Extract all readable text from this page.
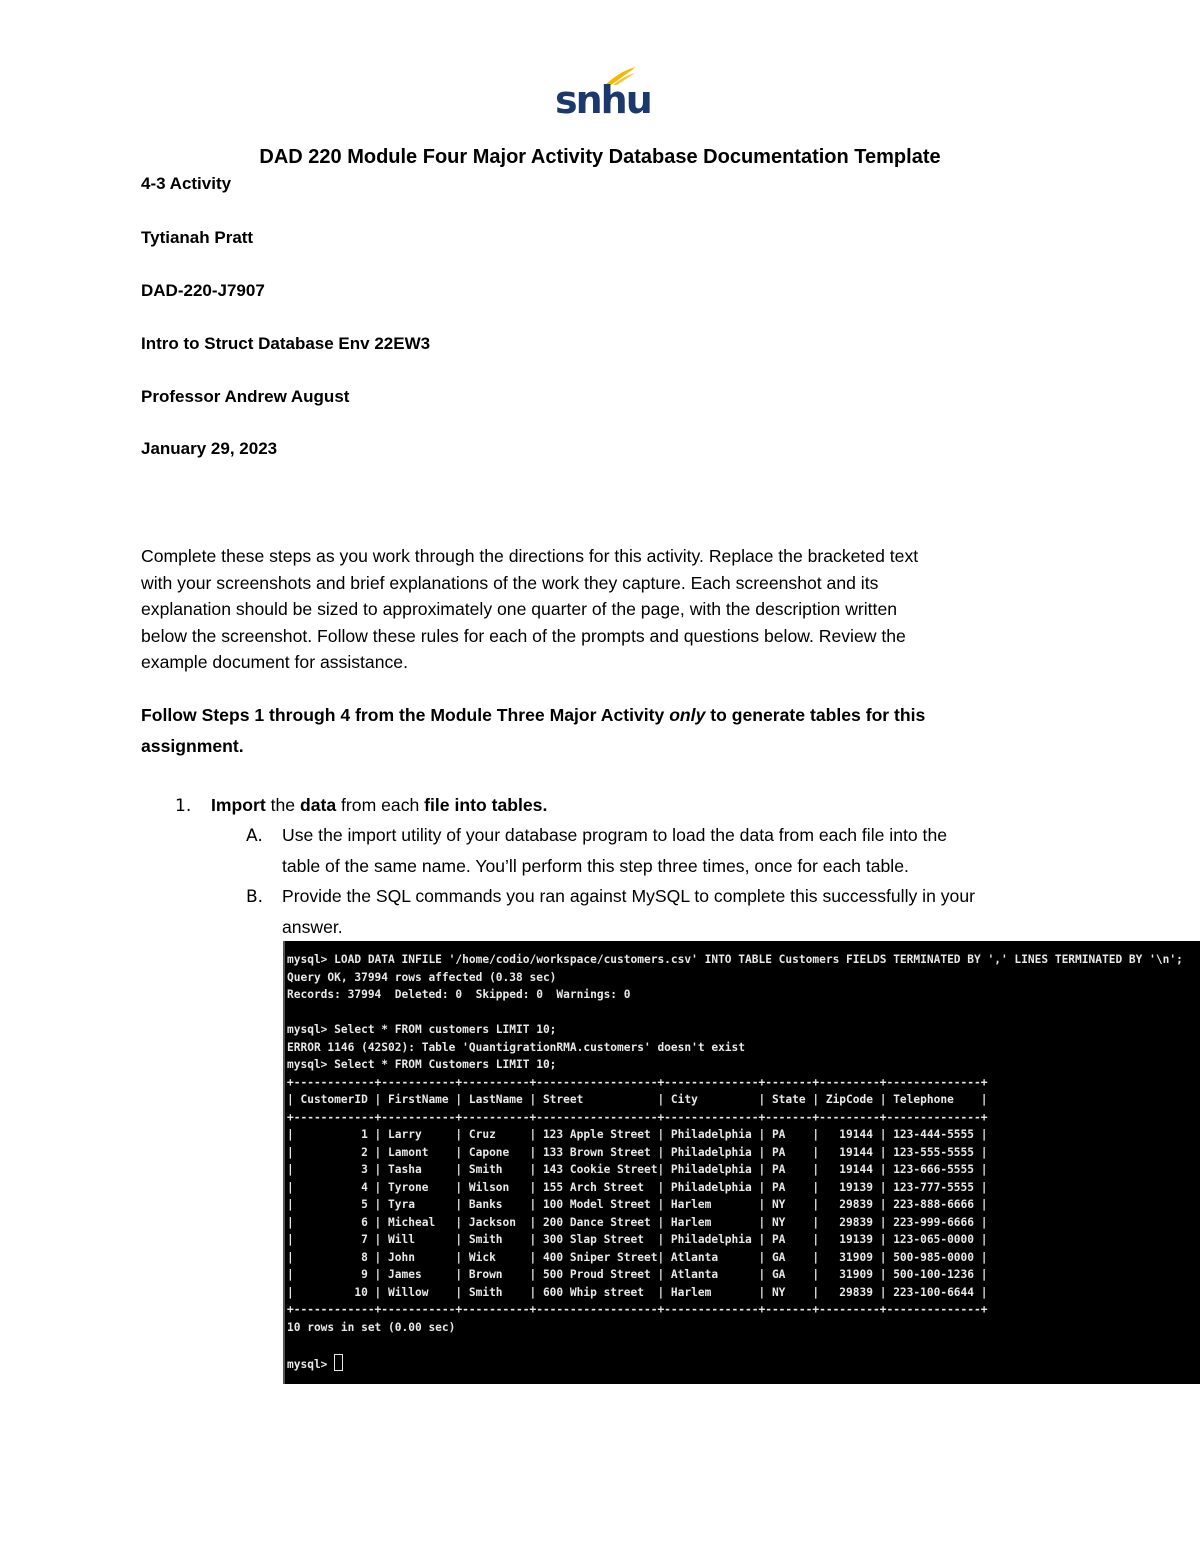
snhu
DAD 220 Module Four Major Activity Database Documentation Template
4-3 Activity
Tytianah Pratt
DAD-220-J7907
Intro to Struct Database Env 22EW3
Professor Andrew August
January 29, 2023

Complete these steps as you work through the directions for this activity. Replace the bracketed text

with your screenshots and brief explanations of the work they capture. Each screenshot and its

explanation should be sized to approximately one quarter of the page, with the description written

below the screenshot. Follow these rules for each of the prompts and questions below. Review the

example document for assistance.

Follow Steps 1 through 4 from the Module Three Major Activity only to generate tables for this
assignment.
1. Import the data from each file into tables.
A. Use the import utility of your database program to load the data from each file into the
table of the same name. You’ll perform this step three times, once for each table.
B. Provide the SQL commands you ran against MySQL to complete this successfully in your
answer.
mysql> LOAD DATA INFILE '/home/codio/workspace/customers.csv' INTO TABLE Customers FIELDS TERMINATED BY ',' LINES TERMINATED BY '\n';
Query OK, 37994 rows affected (0.38 sec)
Records: 37994  Deleted: 0  Skipped: 0  Warnings: 0

mysql> Select * FROM customers LIMIT 10;
ERROR 1146 (42S02): Table 'QuantigrationRMA.customers' doesn't exist
mysql> Select * FROM Customers LIMIT 10;
+------------+-----------+----------+------------------+--------------+-------+---------+--------------+
| CustomerID | FirstName | LastName | Street           | City         | State | ZipCode | Telephone    |
+------------+-----------+----------+------------------+--------------+-------+---------+--------------+
|          1 | Larry     | Cruz     | 123 Apple Street | Philadelphia | PA    |   19144 | 123-444-5555 |
|          2 | Lamont    | Capone   | 133 Brown Street | Philadelphia | PA    |   19144 | 123-555-5555 |
|          3 | Tasha     | Smith    | 143 Cookie Street| Philadelphia | PA    |   19144 | 123-666-5555 |
|          4 | Tyrone    | Wilson   | 155 Arch Street  | Philadelphia | PA    |   19139 | 123-777-5555 |
|          5 | Tyra      | Banks    | 100 Model Street | Harlem       | NY    |   29839 | 223-888-6666 |
|          6 | Micheal   | Jackson  | 200 Dance Street | Harlem       | NY    |   29839 | 223-999-6666 |
|          7 | Will      | Smith    | 300 Slap Street  | Philadelphia | PA    |   19139 | 123-065-0000 |
|          8 | John      | Wick     | 400 Sniper Street| Atlanta      | GA    |   31909 | 500-985-0000 |
|          9 | James     | Brown    | 500 Proud Street | Atlanta      | GA    |   31909 | 500-100-1236 |
|         10 | Willow    | Smith    | 600 Whip street  | Harlem       | NY    |   29839 | 223-100-6644 |
+------------+-----------+----------+------------------+--------------+-------+---------+--------------+
10 rows in set (0.00 sec)

mysql>
